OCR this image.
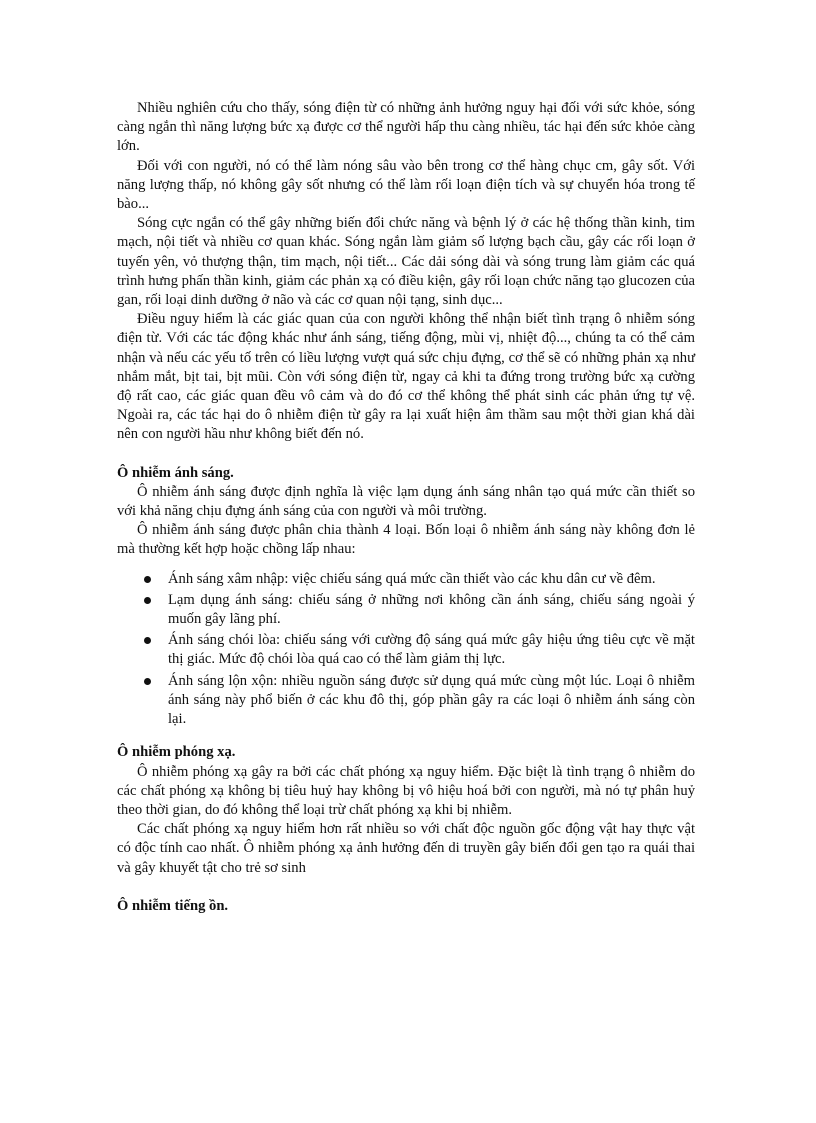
Nhiều nghiên cứu cho thấy, sóng điện từ có những ảnh hưởng nguy hại đối với sức khỏe, sóng càng ngắn thì năng lượng bức xạ được cơ thể người hấp thu càng nhiều, tác hại đến sức khỏe càng lớn.

Đối với con người, nó có thể làm nóng sâu vào bên trong cơ thể hàng chục cm, gây sốt. Với năng lượng thấp, nó không gây sốt nhưng có thể làm rối loạn điện tích và sự chuyển hóa trong tế bào...

Sóng cực ngắn có thể gây những biến đổi chức năng và bệnh lý ở các hệ thống thần kinh, tim mạch, nội tiết và nhiều cơ quan khác. Sóng ngắn làm giảm số lượng bạch cầu, gây các rối loạn ở tuyến yên, vỏ thượng thận, tim mạch, nội tiết... Các dải sóng dài và sóng trung làm giảm các quá trình hưng phấn thần kinh, giảm các phản xạ có điều kiện, gây rối loạn chức năng tạo glucozen của gan, rối loại dinh dưỡng ở não và các cơ quan nội tạng, sinh dục...

Điều nguy hiểm là các giác quan của con người không thể nhận biết tình trạng ô nhiễm sóng điện từ. Với các tác động khác như ánh sáng, tiếng động, mùi vị, nhiệt độ..., chúng ta có thể cảm nhận và nếu các yếu tố trên có liều lượng vượt quá sức chịu đựng, cơ thể sẽ có những phản xạ như nhắm mắt, bịt tai, bịt mũi. Còn với sóng điện từ, ngay cả khi ta đứng trong trường bức xạ cường độ rất cao, các giác quan đều vô cảm và do đó cơ thể không thể phát sinh các phản ứng tự vệ. Ngoài ra, các tác hại do ô nhiễm điện từ gây ra lại xuất hiện âm thầm sau một thời gian khá dài nên con người hầu như không biết đến nó.

Ô nhiễm ánh sáng.

Ô nhiễm ánh sáng được định nghĩa là việc lạm dụng ánh sáng nhân tạo quá mức cần thiết so với khả năng chịu đựng ánh sáng của con người và môi trường.

Ô nhiễm ánh sáng được phân chia thành 4 loại. Bốn loại ô nhiễm ánh sáng này không đơn lẻ mà thường kết hợp hoặc chồng lấp nhau:

Ánh sáng xâm nhập: việc chiếu sáng quá mức cần thiết vào các khu dân cư về đêm.
Lạm dụng ánh sáng: chiếu sáng ở những nơi không cần ánh sáng, chiếu sáng ngoài ý muốn gây lãng phí.
Ánh sáng chói lòa: chiếu sáng với cường độ sáng quá mức gây hiệu ứng tiêu cực về mặt thị giác. Mức độ chói lòa quá cao có thể làm giảm thị lực.
Ánh sáng lộn xộn: nhiều nguồn sáng được sử dụng quá mức cùng một lúc. Loại ô nhiễm ánh sáng này phổ biến ở các khu đô thị, góp phần gây ra các loại ô nhiễm ánh sáng còn lại.
Ô nhiễm phóng xạ.

Ô nhiễm phóng xạ gây ra bởi các chất phóng xạ nguy hiểm. Đặc biệt là tình trạng ô nhiễm do các chất phóng xạ không bị tiêu huỷ hay không bị vô hiệu hoá bởi con người, mà nó tự phân huỷ theo thời gian, do đó không thể loại trừ chất phóng xạ khi bị nhiễm.

Các chất phóng xạ nguy hiểm hơn rất nhiều so với chất độc nguồn gốc động vật hay thực vật có độc tính cao nhất. Ô nhiễm phóng xạ ảnh hưởng đến di truyền gây biến đổi gen tạo ra quái thai và gây khuyết tật cho trẻ sơ sinh

Ô nhiễm tiếng ồn.
